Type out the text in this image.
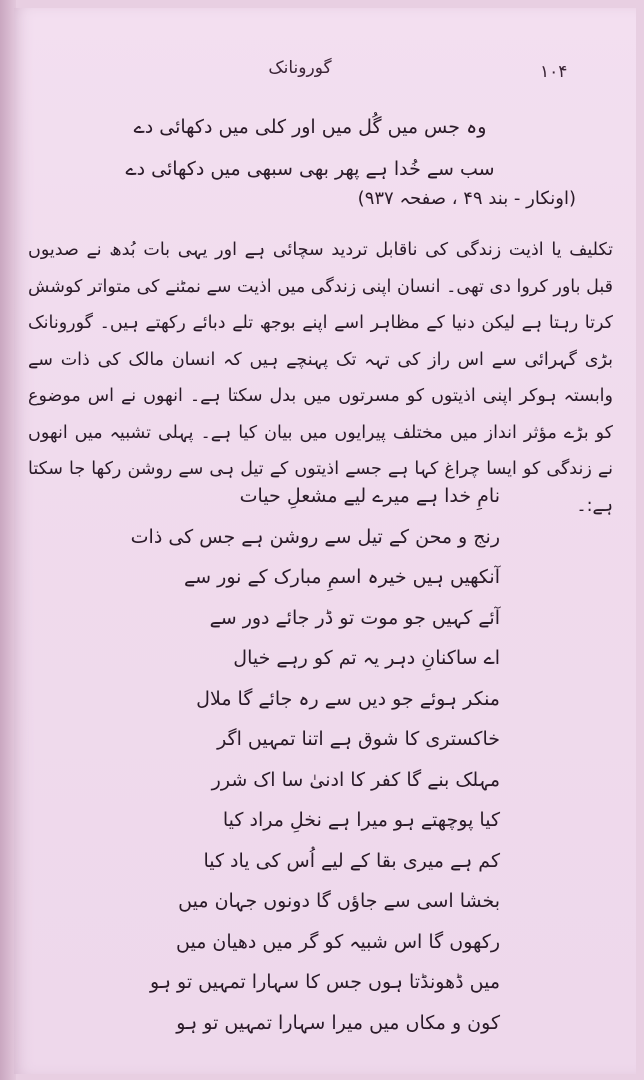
گورونانک	۱۰۴
وہ جس میں گُل میں اور کلی میں دکھائی دے
سب سے خُدا ہے پھر بھی سبھی میں دکھائی دے
(اونکار - بند ۴۹ ، صفحہ ۹۳۷)

تکلیف یا اذیت زندگی کی ناقابل تردید سچائی ہے اور یہی بات بُدھ نے صدیوں قبل باور کروا دی تھی۔ انسان اپنی زندگی میں اذیت سے نمٹنے کی متواتر کوشش کرتا رہتا ہے لیکن دنیا کے مظاہر اسے اپنے بوجھ تلے دبائے رکھتے ہیں۔ گورونانک بڑی گہرائی سے اس راز کی تہہ تک پہنچے ہیں کہ انسان مالک کی ذات سے وابستہ ہوکر اپنی اذیتوں کو مسرتوں میں بدل سکتا ہے۔ انھوں نے اس موضوع کو بڑے مؤثر انداز میں مختلف پیرایوں میں بیان کیا ہے۔ پہلی تشبیہ میں انھوں نے زندگی کو ایسا چراغ کہا ہے جسے اذیتوں کے تیل ہی سے روشن رکھا جا سکتا ہے:۔

نامِ خدا ہے میرے لیے مشعلِ حیات
رنج و محن کے تیل سے روشن ہے جس کی ذات
آنکھیں ہیں خیرہ اسمِ مبارک کے نور سے
آئے کہیں جو موت تو ڈر جائے دور سے
اے ساکنانِ دہر یہ تم کو رہے خیال
منکر ہوئے جو دیں سے رہ جائے گا ملال
خاکستری کا شوق ہے اتنا تمہیں اگر
مہلک بنے گا کفر کا ادنیٰ سا اک شرر
کیا پوچھتے ہو میرا ہے نخلِ مراد کیا
کم ہے میری بقا کے لیے اُس کی یاد کیا
بخشا اسی سے جاؤں گا دونوں جہان میں
رکھوں گا اس شبیہ کو گر میں دھیان میں
میں ڈھونڈتا ہوں جس کا سہارا تمہیں تو ہو
کون و مکاں میں میرا سہارا تمہیں تو ہو
